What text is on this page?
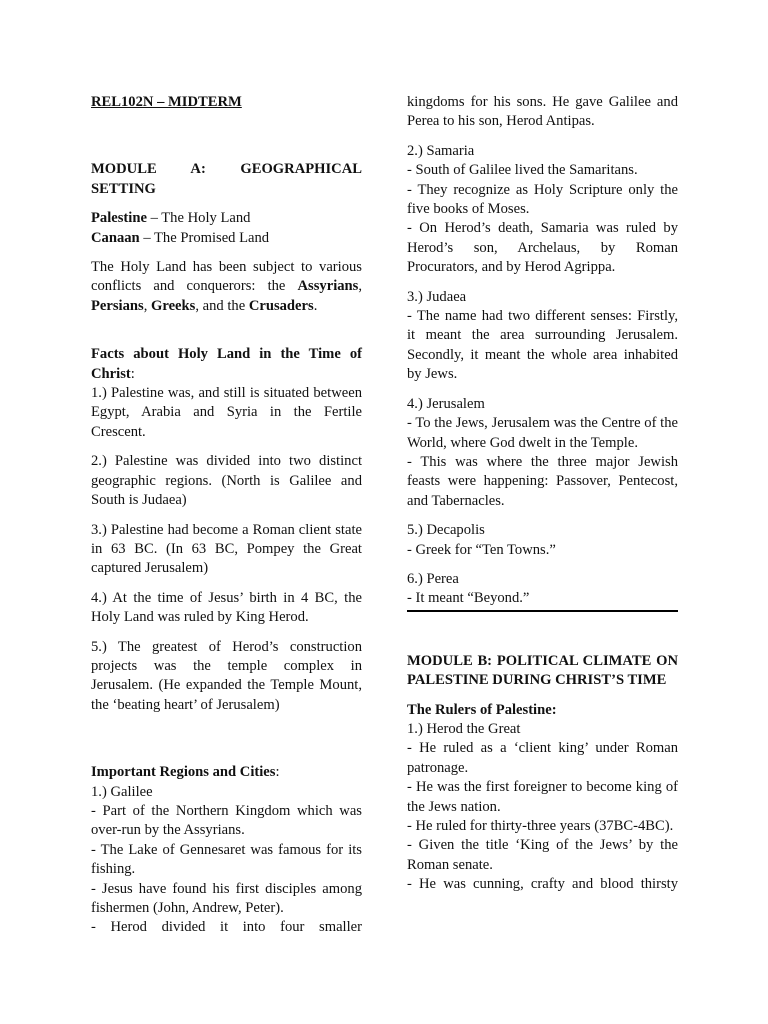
REL102N – MIDTERM

MODULE A: GEOGRAPHICAL SETTING

Palestine – The Holy Land

Canaan – The Promised Land

The Holy Land has been subject to various conflicts and conquerors: the Assyrians, Persians, Greeks, and the Crusaders.

Facts about Holy Land in the Time of Christ:

1.) Palestine was, and still is situated between Egypt, Arabia and Syria in the Fertile Crescent.

2.) Palestine was divided into two distinct geographic regions. (North is Galilee and South is Judaea)

3.) Palestine had become a Roman client state in 63 BC. (In 63 BC, Pompey the Great captured Jerusalem)

4.) At the time of Jesus’ birth in 4 BC, the Holy Land was ruled by King Herod.

5.) The greatest of Herod’s construction projects was the temple complex in Jerusalem. (He expanded the Temple Mount, the ‘beating heart’ of Jerusalem)

Important Regions and Cities:

1.) Galilee

- Part of the Northern Kingdom which was over-run by the Assyrians.

- The Lake of Gennesaret was famous for its fishing.

- Jesus have found his first disciples among fishermen (John, Andrew, Peter).

- Herod divided it into four smaller

kingdoms for his sons. He gave Galilee and Perea to his son, Herod Antipas.

2.) Samaria

- South of Galilee lived the Samaritans.

- They recognize as Holy Scripture only the five books of Moses.

- On Herod’s death, Samaria was ruled by Herod’s son, Archelaus, by Roman Procurators, and by Herod Agrippa.

3.) Judaea

- The name had two different senses: Firstly, it meant the area surrounding Jerusalem. Secondly, it meant the whole area inhabited by Jews.

4.) Jerusalem

- To the Jews, Jerusalem was the Centre of the World, where God dwelt in the Temple.

- This was where the three major Jewish feasts were happening: Passover, Pentecost, and Tabernacles.

5.) Decapolis

- Greek for “Ten Towns.”

6.) Perea

- It meant “Beyond.”

MODULE B: POLITICAL CLIMATE ON PALESTINE DURING CHRIST’S TIME

The Rulers of Palestine:

1.) Herod the Great

- He ruled as a ‘client king’ under Roman patronage.

- He was the first foreigner to become king of the Jews nation.

- He ruled for thirty-three years (37BC-4BC).

- Given the title ‘King of the Jews’ by the Roman senate.

- He was cunning, crafty and blood thirsty
